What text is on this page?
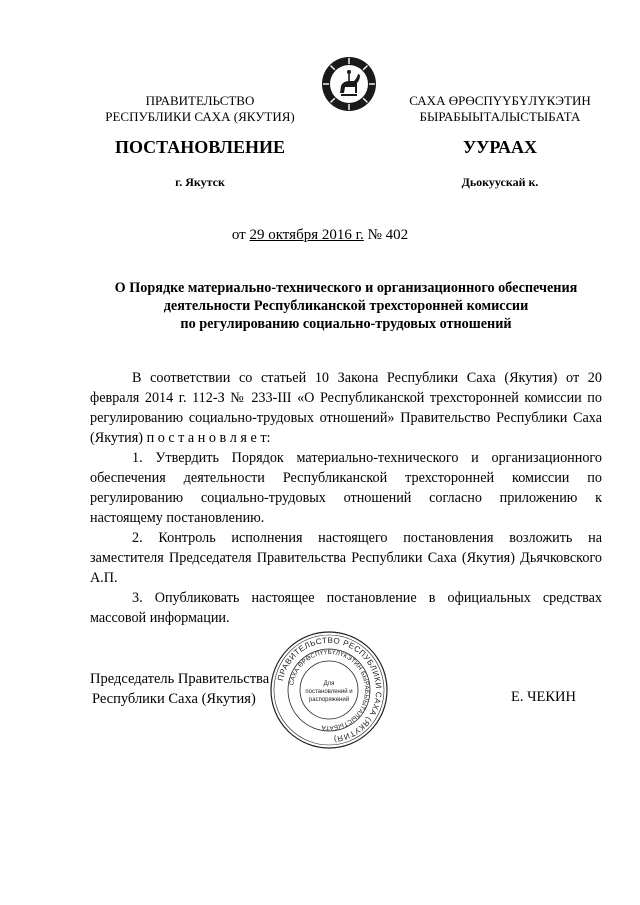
ПРАВИТЕЛЬСТВО
РЕСПУБЛИКИ САХА (ЯКУТИЯ)
САХА ӨРӨСПҮҮБҮЛҮКЭТИН
БЫРАБЫЫТАЛЫСТЫБАТА
ПОСТАНОВЛЕНИЕ	УУРААХ
г. Якутск	Дьокуускай к.
от 29 октября 2016 г. № 402
О Порядке материально-технического и организационного обеспечения
деятельности Республиканской трехсторонней комиссии
по регулированию социально-трудовых отношений

В соответствии со статьей 10 Закона Республики Саха (Якутия) от 20 февраля 2014 г. 112-З № 233-III «О Республиканской трехсторонней комиссии по регулированию социально-трудовых отношений» Правительство Республики Саха (Якутия) п о с т а н о в л я е т:

1. Утвердить Порядок материально-технического и организационного обеспечения деятельности Республиканской трехсторонней комиссии по регулированию социально-трудовых отношений согласно приложению к настоящему постановлению.

2. Контроль исполнения настоящего постановления возложить на заместителя Председателя Правительства Республики Саха (Якутия) Дьячковского А.П.

3. Опубликовать настоящее постановление в официальных средствах массовой информации.

Председатель Правительства
Республики Саха (Якутия)	Е. ЧЕКИН
ПРАВИТЕЛЬСТВО РЕСПУБЛИКИ САХА (ЯКУТИЯ)
САХА ӨРӨСПҮҮБҮЛҮКЭТИН БЫРАБЫЫТАЛЫСТЫБАТА
Для
постановлений и
распоряжений
